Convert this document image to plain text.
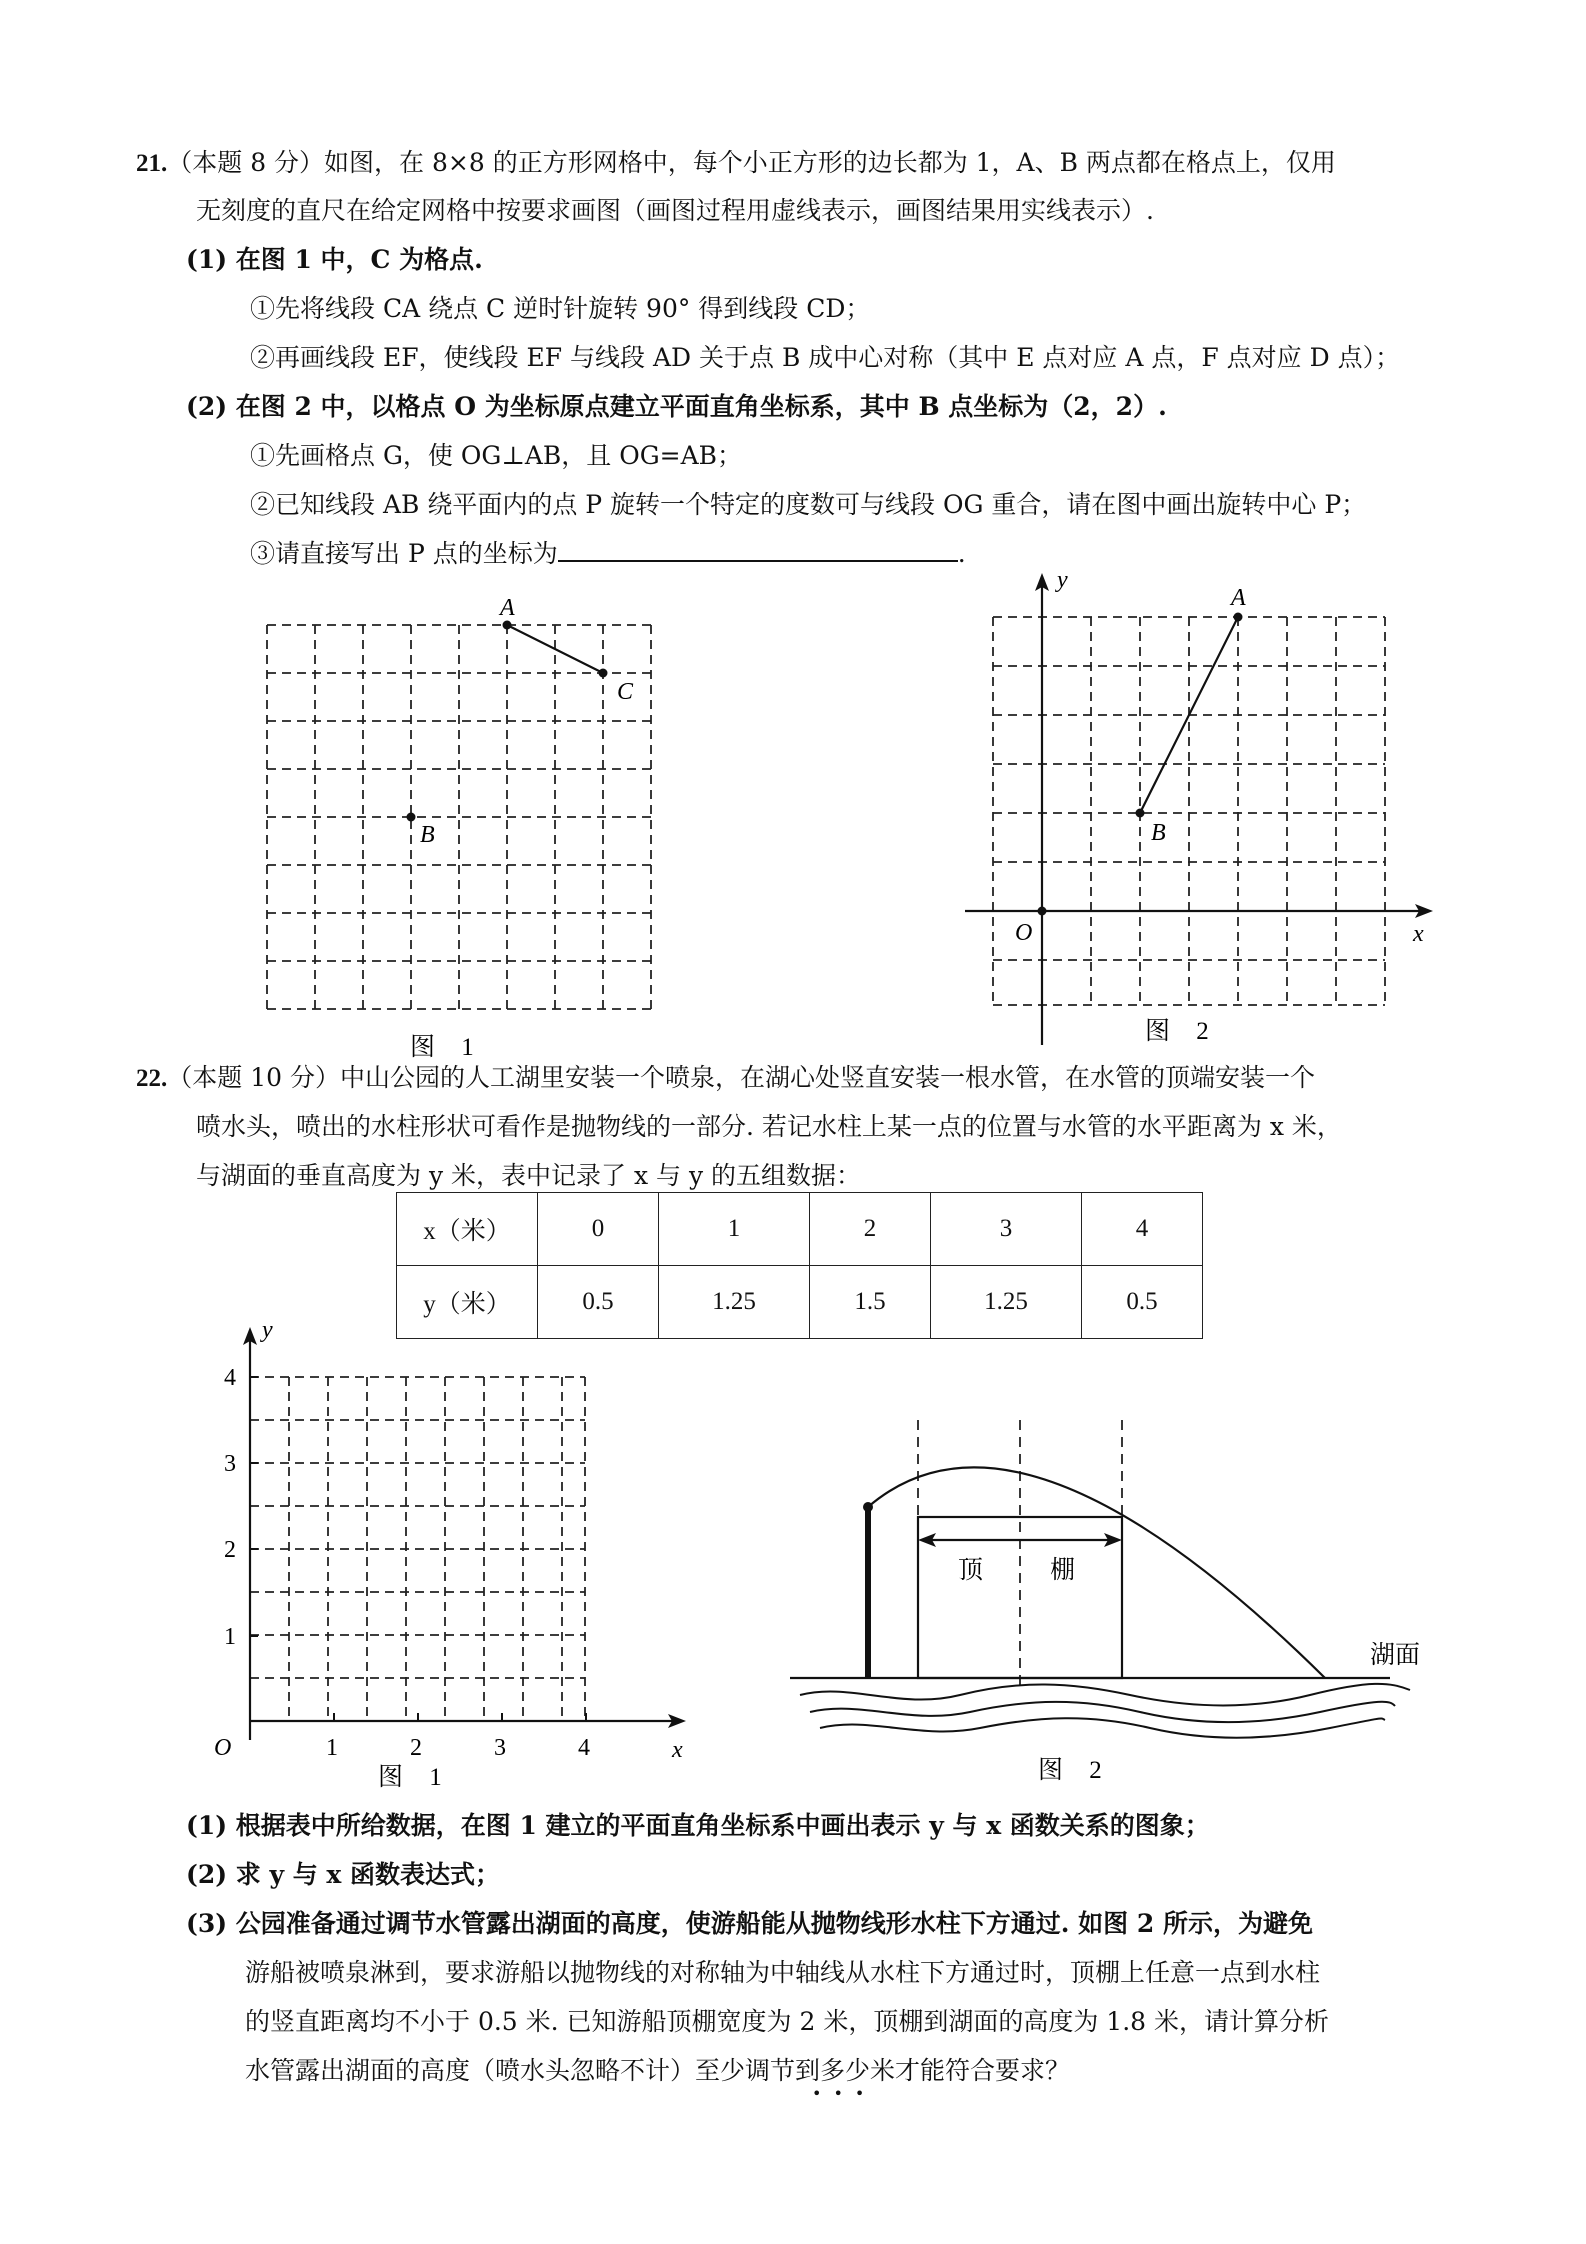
21.（本题 8 分）如图，在 8×8 的正方形网格中，每个小正方形的边长都为 1，A、B 两点都在格点上，仅用
无刻度的直尺在给定网格中按要求画图（画图过程用虚线表示，画图结果用实线表示）.
(1) 在图 1 中，C 为格点.
①先将线段 CA 绕点 C 逆时针旋转 90° 得到线段 CD；
②再画线段 EF，使线段 EF 与线段 AD 关于点 B 成中心对称（其中 E 点对应 A 点，F 点对应 D 点）；
(2) 在图 2 中，以格点 O 为坐标原点建立平面直角坐标系，其中 B 点坐标为（2，2）.
①先画格点 G，使 OG⊥AB，且 OG=AB；
②已知线段 AB 绕平面内的点 P 旋转一个特定的度数可与线段 OG 重合，请在图中画出旋转中心 P；
③请直接写出 P 点的坐标为	.
A
C
B
图 1
A
B
O
y
x
图 2
22.（本题 10 分）中山公园的人工湖里安装一个喷泉，在湖心处竖直安装一根水管，在水管的顶端安装一个
喷水头，喷出的水柱形状可看作是抛物线的一部分. 若记水柱上某一点的位置与水管的水平距离为 x 米，
与湖面的垂直高度为 y 米，表中记录了 x 与 y 的五组数据：
x（米）	0	1	2	3	4
y（米）	0.5	1.25	1.5	1.25	0.5
1	2	3	4
1
2
3
4
O
y
x
图 1
顶	棚
湖面
图 2
(1) 根据表中所给数据，在图 1 建立的平面直角坐标系中画出表示 y 与 x 函数关系的图象；
(2) 求 y 与 x 函数表达式；
(3) 公园准备通过调节水管露出湖面的高度，使游船能从抛物线形水柱下方通过. 如图 2 所示，为避免
游船被喷泉淋到，要求游船以抛物线的对称轴为中轴线从水柱下方通过时，顶棚上任意一点到水柱
的竖直距离均不小于 0.5 米. 已知游船顶棚宽度为 2 米，顶棚到湖面的高度为 1.8 米，请计算分析
水管露出湖面的高度（喷水头忽略不计）至少调节到多少米才能符合要求？
•••
